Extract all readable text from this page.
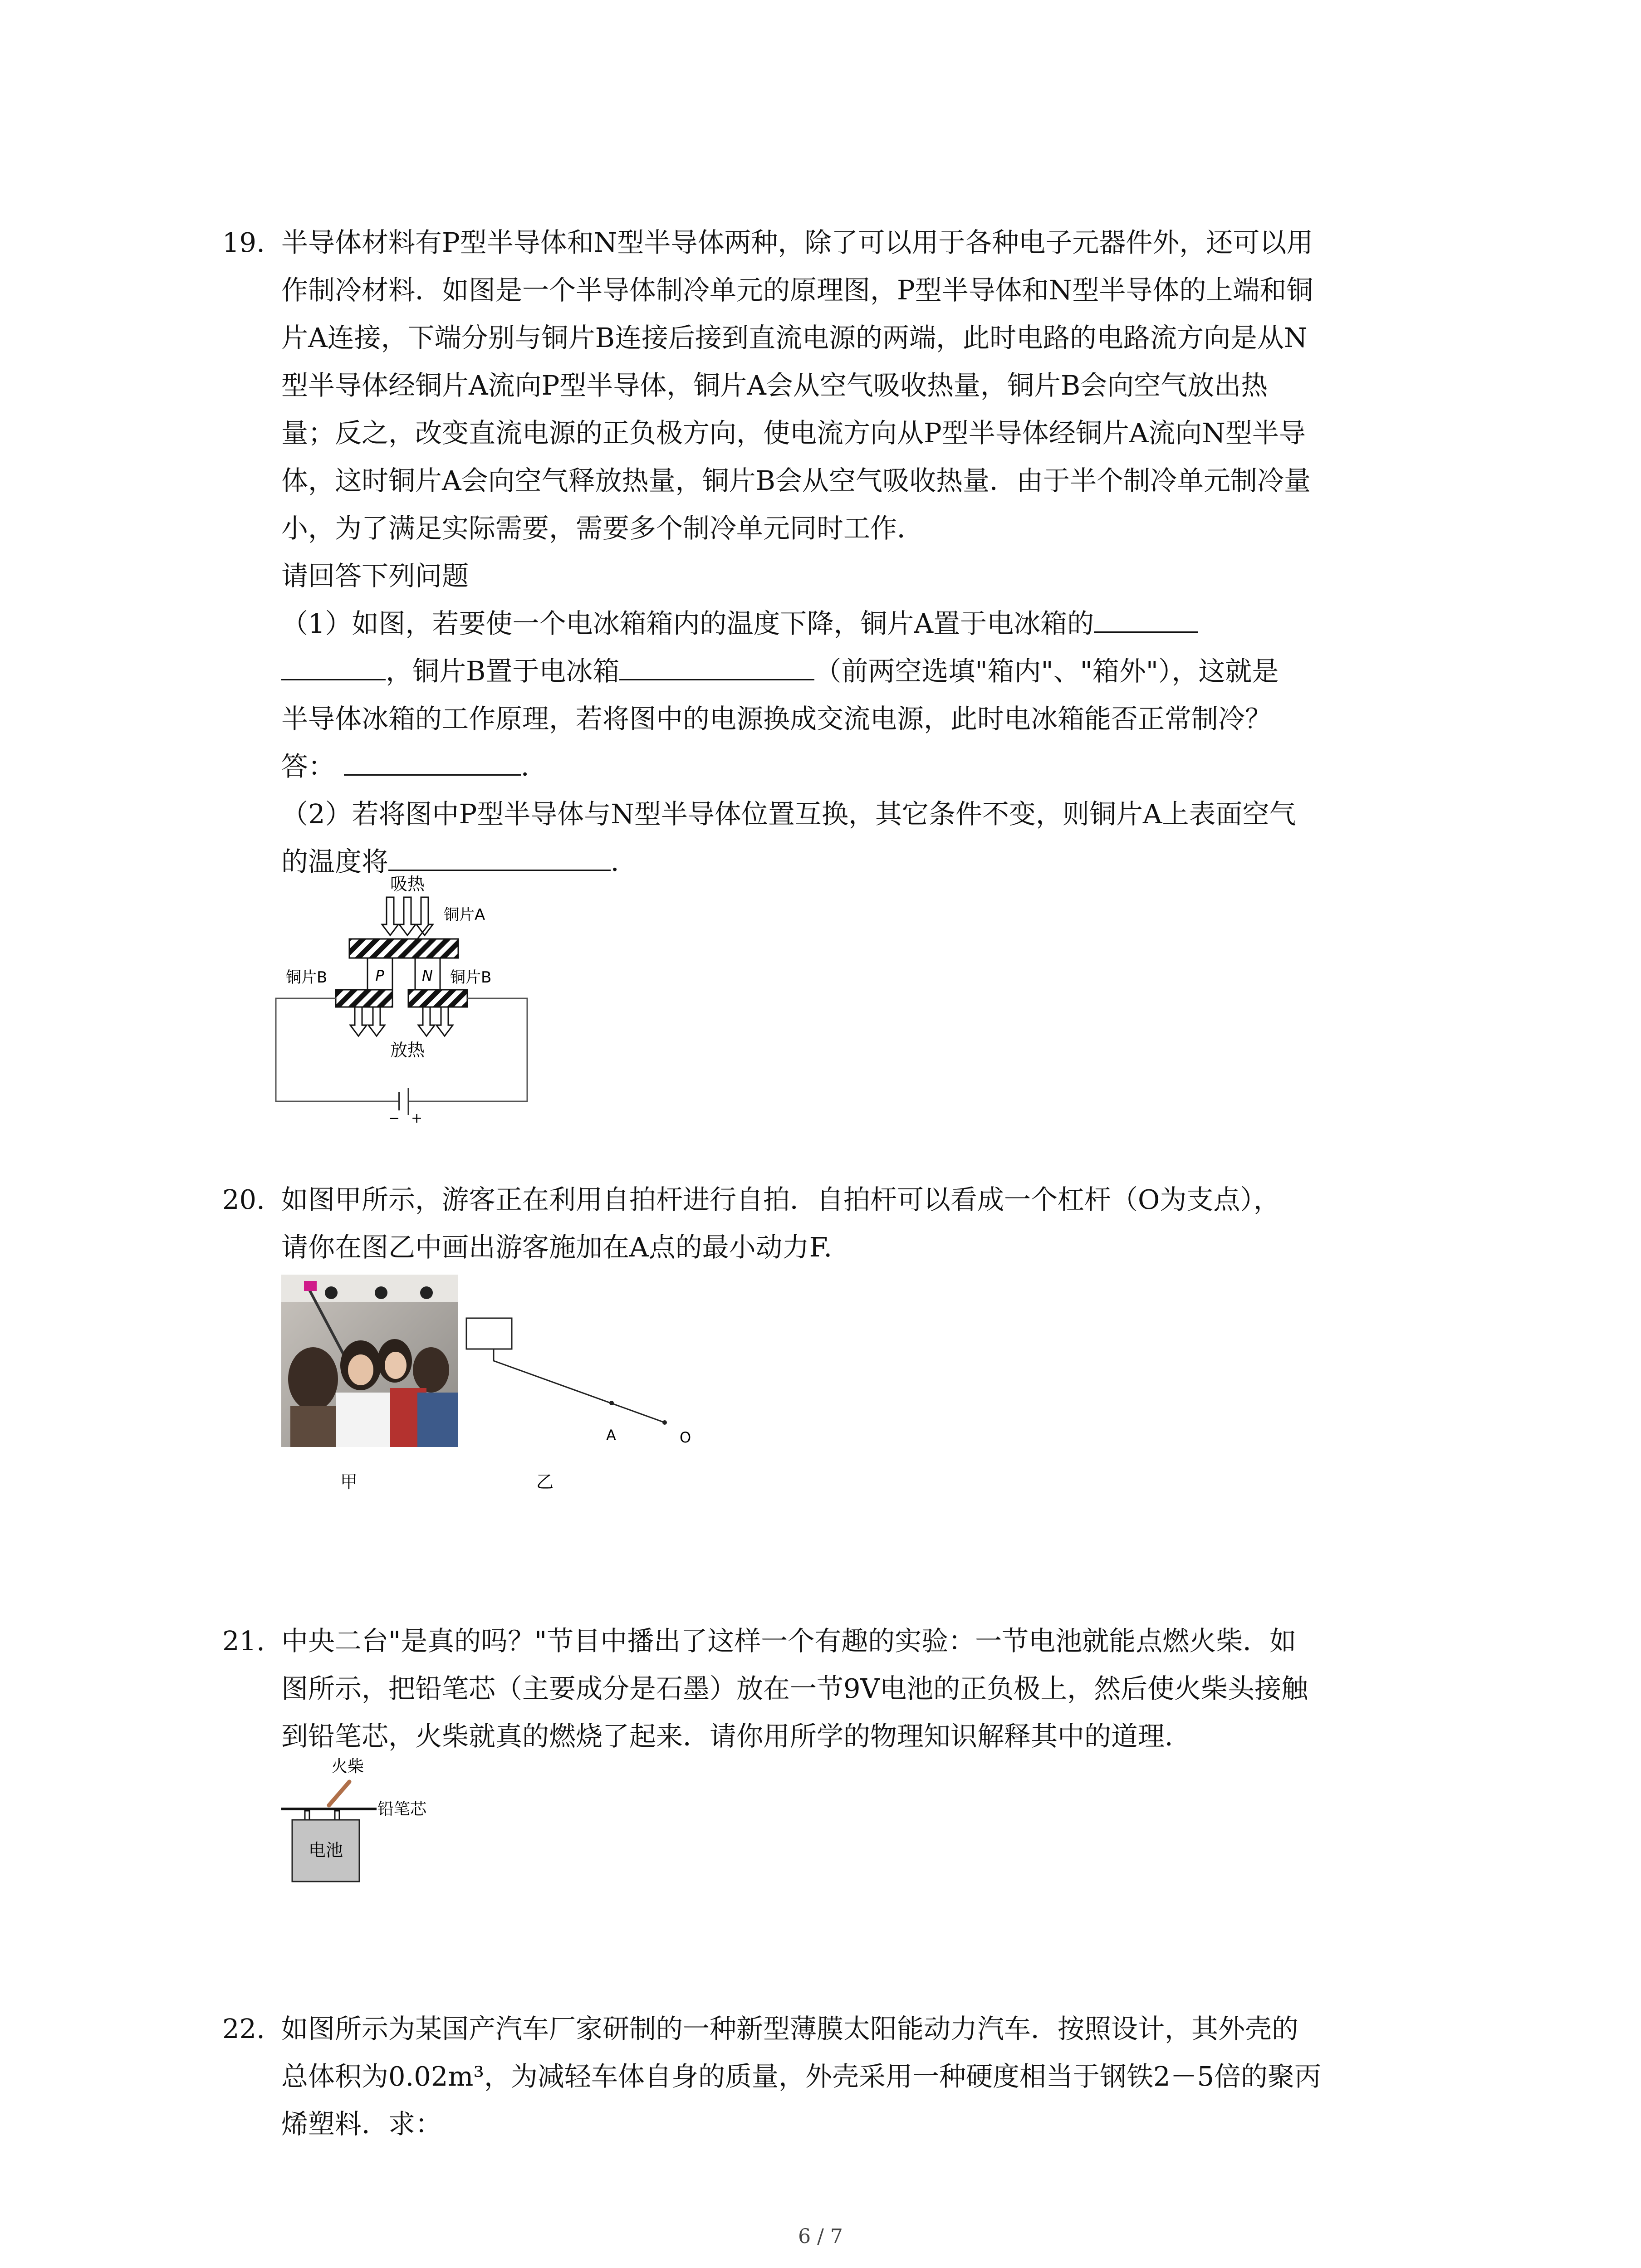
19. 半导体材料有P型半导体和N型半导体两种，除了可以用于各种电子元器件外，还可以用
作制冷材料．如图是一个半导体制冷单元的原理图，P型半导体和N型半导体的上端和铜
片A连接，下端分别与铜片B连接后接到直流电源的两端，此时电路的电路流方向是从N
型半导体经铜片A流向P型半导体，铜片A会从空气吸收热量，铜片B会向空气放出热
量；反之，改变直流电源的正负极方向，使电流方向从P型半导体经铜片A流向N型半导
体，这时铜片A会向空气释放热量，铜片B会从空气吸收热量．由于半个制冷单元制冷量
小，为了满足实际需要，需要多个制冷单元同时工作．
请回答下列问题
（1）如图，若要使一个电冰箱箱内的温度下降，铜片A置于电冰箱的
，铜片B置于电冰箱	（前两空选填"箱内"、"箱外"），这就是
半导体冰箱的工作原理，若将图中的电源换成交流电源，此时电冰箱能否正常制冷？
答：	．
（2）若将图中P型半导体与N型半导体位置互换，其它条件不变，则铜片A上表面空气
的温度将	．
吸热
铜片A
P	N
铜片B	铜片B
放热
− +
20. 如图甲所示，游客正在利用自拍杆进行自拍．自拍杆可以看成一个杠杆（O为支点），
请你在图乙中画出游客施加在A点的最小动力F.
甲
A	O
乙
21. 中央二台"是真的吗？"节目中播出了这样一个有趣的实验：一节电池就能点燃火柴．如
图所示，把铅笔芯（主要成分是石墨）放在一节9V电池的正负极上，然后使火柴头接触
到铅笔芯，火柴就真的燃烧了起来．请你用所学的物理知识解释其中的道理．
火柴
铅笔芯
电池
22. 如图所示为某国产汽车厂家研制的一种新型薄膜太阳能动力汽车．按照设计，其外壳的
总体积为0.02m³，为减轻车体自身的质量，外壳采用一种硬度相当于钢铁2－5倍的聚丙
烯塑料．求：
6 / 7
